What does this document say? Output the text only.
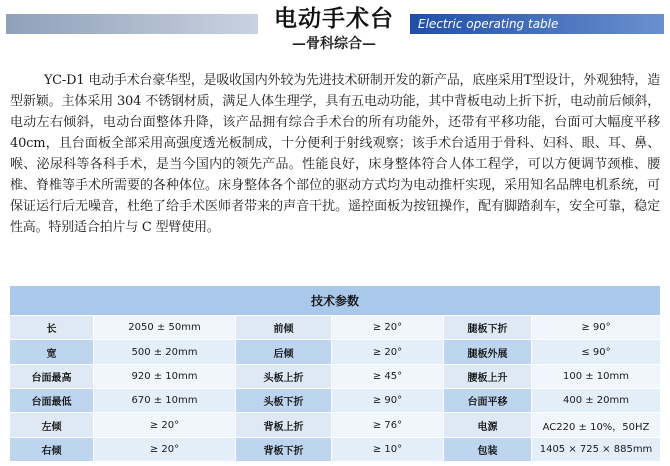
电动手术台
—骨科综合—
Electric operating table

YC-D1 电动手术台豪华型，是吸收国内外较为先进技术研制开发的新产品，底座采用T型设计，外观独特，造型新颖。主体采用 304 不锈钢材质，满足人体生理学，具有五电动功能，其中背板电动上折下折，电动前后倾斜，电动左右倾斜，电动台面整体升降，该产品拥有综合手术台的所有功能外，还带有平移功能，台面可大幅度平移 40cm，且台面板全部采用高强度透光板制成，十分便利于射线观察；该手术台适用于骨科、妇科、眼、耳、鼻、喉、泌尿科等各科手术，是当今国内的领先产品。性能良好，床身整体符合人体工程学，可以方便调节颈椎、腰椎、脊椎等手术所需要的各种体位。床身整体各个部位的驱动方式均为电动推杆实现，采用知名品牌电机系统，可保证运行后无噪音，杜绝了给手术医师者带来的声音干扰。遥控面板为按钮操作，配有脚踏刹车，安全可靠，稳定性高。特别适合拍片与 C 型臂使用。

技术参数					
长	2050 ± 50mm	前倾	≥ 20°	腿板下折	≥ 90°
宽	500 ± 20mm	后倾	≥ 20°	腿板外展	≤ 90°
台面最高	920 ± 10mm	头板上折	≥ 45°	腰板上升	100 ± 10mm
台面最低	670 ± 10mm	头板下折	≥ 90°	台面平移	400 ± 20mm
左倾	≥ 20°	背板上折	≥ 76°	电源	AC220 ± 10%，50HZ
右倾	≥ 20°	背板下折	≥ 10°	包装	1405 × 725 × 885mm
